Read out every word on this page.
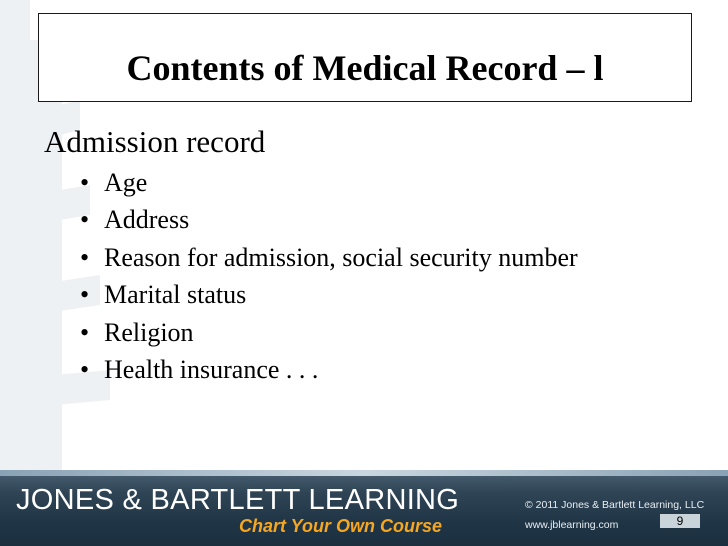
Contents of Medical Record – l
Admission record
• Age
• Address
• Reason for admission, social security number
• Marital status
• Religion
• Health insurance . . .
JONES & BARTLETT LEARNING
Chart Your Own Course
© 2011 Jones & Bartlett Learning, LLC
www.jblearning.com	9
